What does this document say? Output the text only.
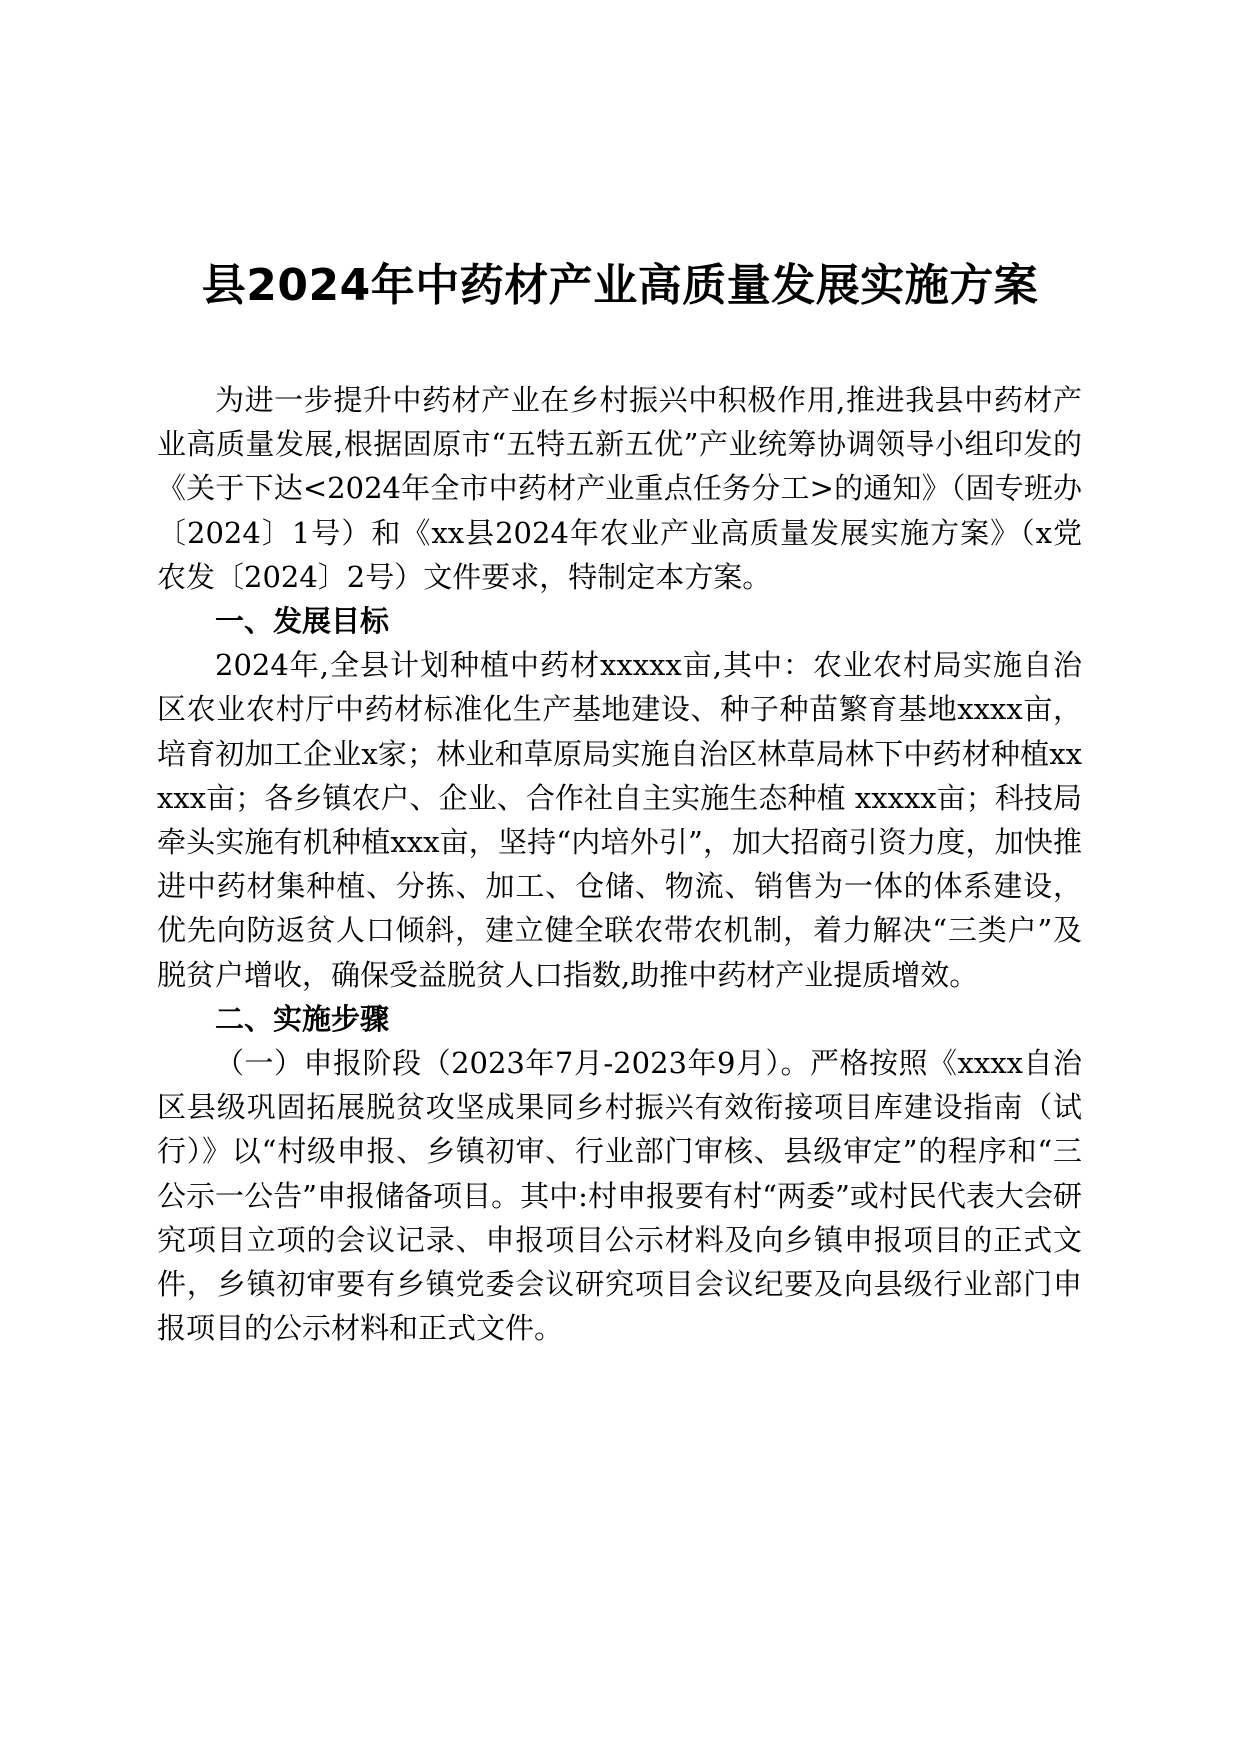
县2024年中药材产业高质量发展实施方案

为进一步提升中药材产业在乡村振兴中积极作用,推进我县中药材产业高质量发展,根据固原市“五特五新五优”产业统筹协调领导小组印发的《关于下达<2024年全市中药材产业重点任务分工>的通知》（固专班办〔2024〕1号）和《xx县2024年农业产业高质量发展实施方案》（x党农发〔2024〕2号）文件要求，特制定本方案。

一、发展目标

2024年,全县计划种植中药材xxxxx亩,其中：农业农村局实施自治区农业农村厅中药材标准化生产基地建设、种子种苗繁育基地xxxx亩，培育初加工企业x家；林业和草原局实施自治区林草局林下中药材种植xxxxx亩；各乡镇农户、企业、合作社自主实施生态种植 xxxxx亩；科技局牵头实施有机种植xxx亩，坚持“内培外引”，加大招商引资力度，加快推进中药材集种植、分拣、加工、仓储、物流、销售为一体的体系建设，优先向防返贫人口倾斜，建立健全联农带农机制，着力解决“三类户”及脱贫户增收，确保受益脱贫人口指数,助推中药材产业提质增效。

二、实施步骤

（一）申报阶段（2023年7月-2023年9月）。严格按照《xxxx自治区县级巩固拓展脱贫攻坚成果同乡村振兴有效衔接项目库建设指南（试行）》以“村级申报、乡镇初审、行业部门审核、县级审定”的程序和“三公示一公告”申报储备项目。其中:村申报要有村“两委”或村民代表大会研究项目立项的会议记录、申报项目公示材料及向乡镇申报项目的正式文件，乡镇初审要有乡镇党委会议研究项目会议纪要及向县级行业部门申报项目的公示材料和正式文件。
